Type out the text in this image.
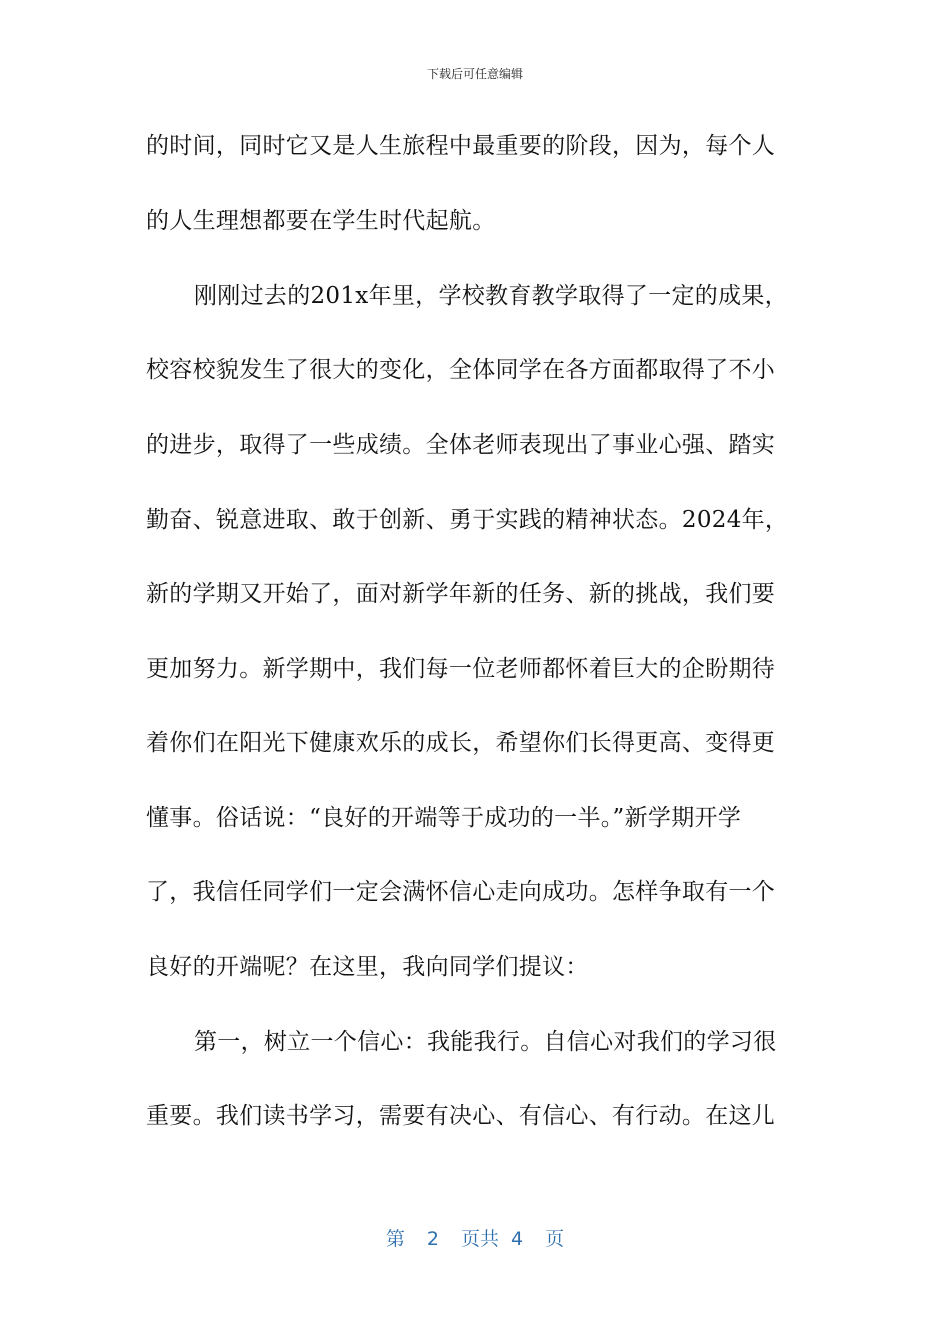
下载后可任意编辑
的时间，同时它又是人生旅程中最重要的阶段，因为，每个人
的人生理想都要在学生时代起航。
刚刚过去的201x年里，学校教育教学取得了一定的成果，
校容校貌发生了很大的变化，全体同学在各方面都取得了不小
的进步，取得了一些成绩。全体老师表现出了事业心强、踏实
勤奋、锐意进取、敢于创新、勇于实践的精神状态。2024年，
新的学期又开始了，面对新学年新的任务、新的挑战，我们要
更加努力。新学期中，我们每一位老师都怀着巨大的企盼期待
着你们在阳光下健康欢乐的成长，希望你们长得更高、变得更
懂事。俗话说：“良好的开端等于成功的一半。”新学期开学
了，我信任同学们一定会满怀信心走向成功。怎样争取有一个
良好的开端呢？在这里，我向同学们提议：
第一，树立一个信心：我能我行。自信心对我们的学习很
重要。我们读书学习，需要有决心、有信心、有行动。在这儿
第 2 页共 4 页
